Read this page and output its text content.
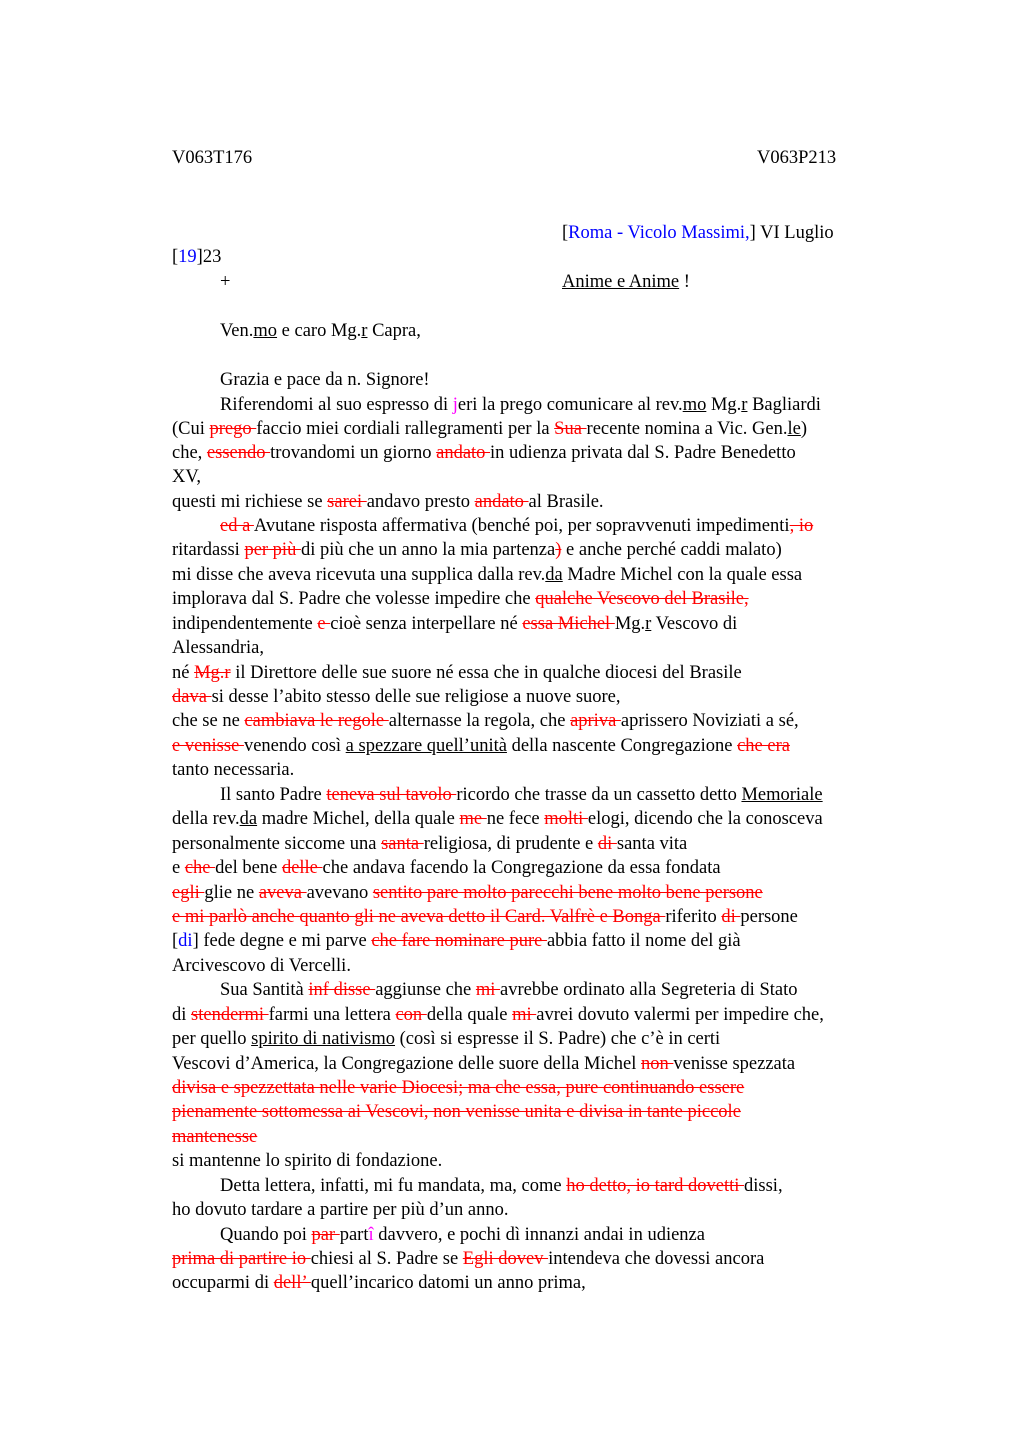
V063T176	V063P213
[Roma - Vicolo Massimi,] VI Luglio
[19]23
+	Anime e Anime !
Ven.mo e caro Mg.r Capra,
Grazia e pace da n. Signore!
Riferendomi al suo espresso di jeri la prego comunicare al rev.mo Mg.r Bagliardi
(Cui prego faccio miei cordiali rallegramenti per la Sua recente nomina a Vic. Gen.le)
che, essendo trovandomi un giorno andato in udienza privata dal S. Padre Benedetto
XV,
questi mi richiese se sarei andavo presto andato al Brasile.
ed a Avutane risposta affermativa (benché poi, per sopravvenuti impedimenti, io
ritardassi per più di più che un anno la mia partenza) e anche perché caddi malato)
mi disse che aveva ricevuta una supplica dalla rev.da Madre Michel con la quale essa
implorava dal S. Padre che volesse impedire che qualche Vescovo del Brasile,
indipendentemente e cioè senza interpellare né essa Michel Mg.r Vescovo di
Alessandria,
né Mg.r il Direttore delle sue suore né essa che in qualche diocesi del Brasile
dava si desse l’abito stesso delle sue religiose a nuove suore,
che se ne cambiava le regole alternasse la regola, che apriva aprissero Noviziati a sé,
e venisse venendo così a spezzare quell’unità della nascente Congregazione che era
tanto necessaria.
Il santo Padre teneva sul tavolo ricordo che trasse da un cassetto detto Memoriale
della rev.da madre Michel, della quale me ne fece molti elogi, dicendo che la conosceva
personalmente siccome una santa religiosa, di prudente e di santa vita
e che del bene delle che andava facendo la Congregazione da essa fondata
egli glie ne aveva avevano sentito pare molto parecchi bene molto bene persone
e mi parlò anche quanto gli ne aveva detto il Card. Valfrè e Bonga riferito di persone
[di] fede degne e mi parve che fare nominare pure abbia fatto il nome del già
Arcivescovo di Vercelli.
Sua Santità inf disse aggiunse che mi avrebbe ordinato alla Segreteria di Stato
di stendermi farmi una lettera con della quale mi avrei dovuto valermi per impedire che,
per quello spirito di nativismo (così si espresse il S. Padre) che c’è in certi
Vescovi d’America, la Congregazione delle suore della Michel non venisse spezzata
divisa e spezzettata nelle varie Diocesi; ma che essa, pure continuando essere
pienamente sottomessa ai Vescovi, non venisse unita e divisa in tante piccole
mantenesse
si mantenne lo spirito di fondazione.
Detta lettera, infatti, mi fu mandata, ma, come ho detto, io tard dovetti dissi,
ho dovuto tardare a partire per più d’un anno.
Quando poi par partî davvero, e pochi dì innanzi andai in udienza
prima di partire io chiesi al S. Padre se Egli dovev intendeva che dovessi ancora
occuparmi di dell’ quell’incarico datomi un anno prima,
